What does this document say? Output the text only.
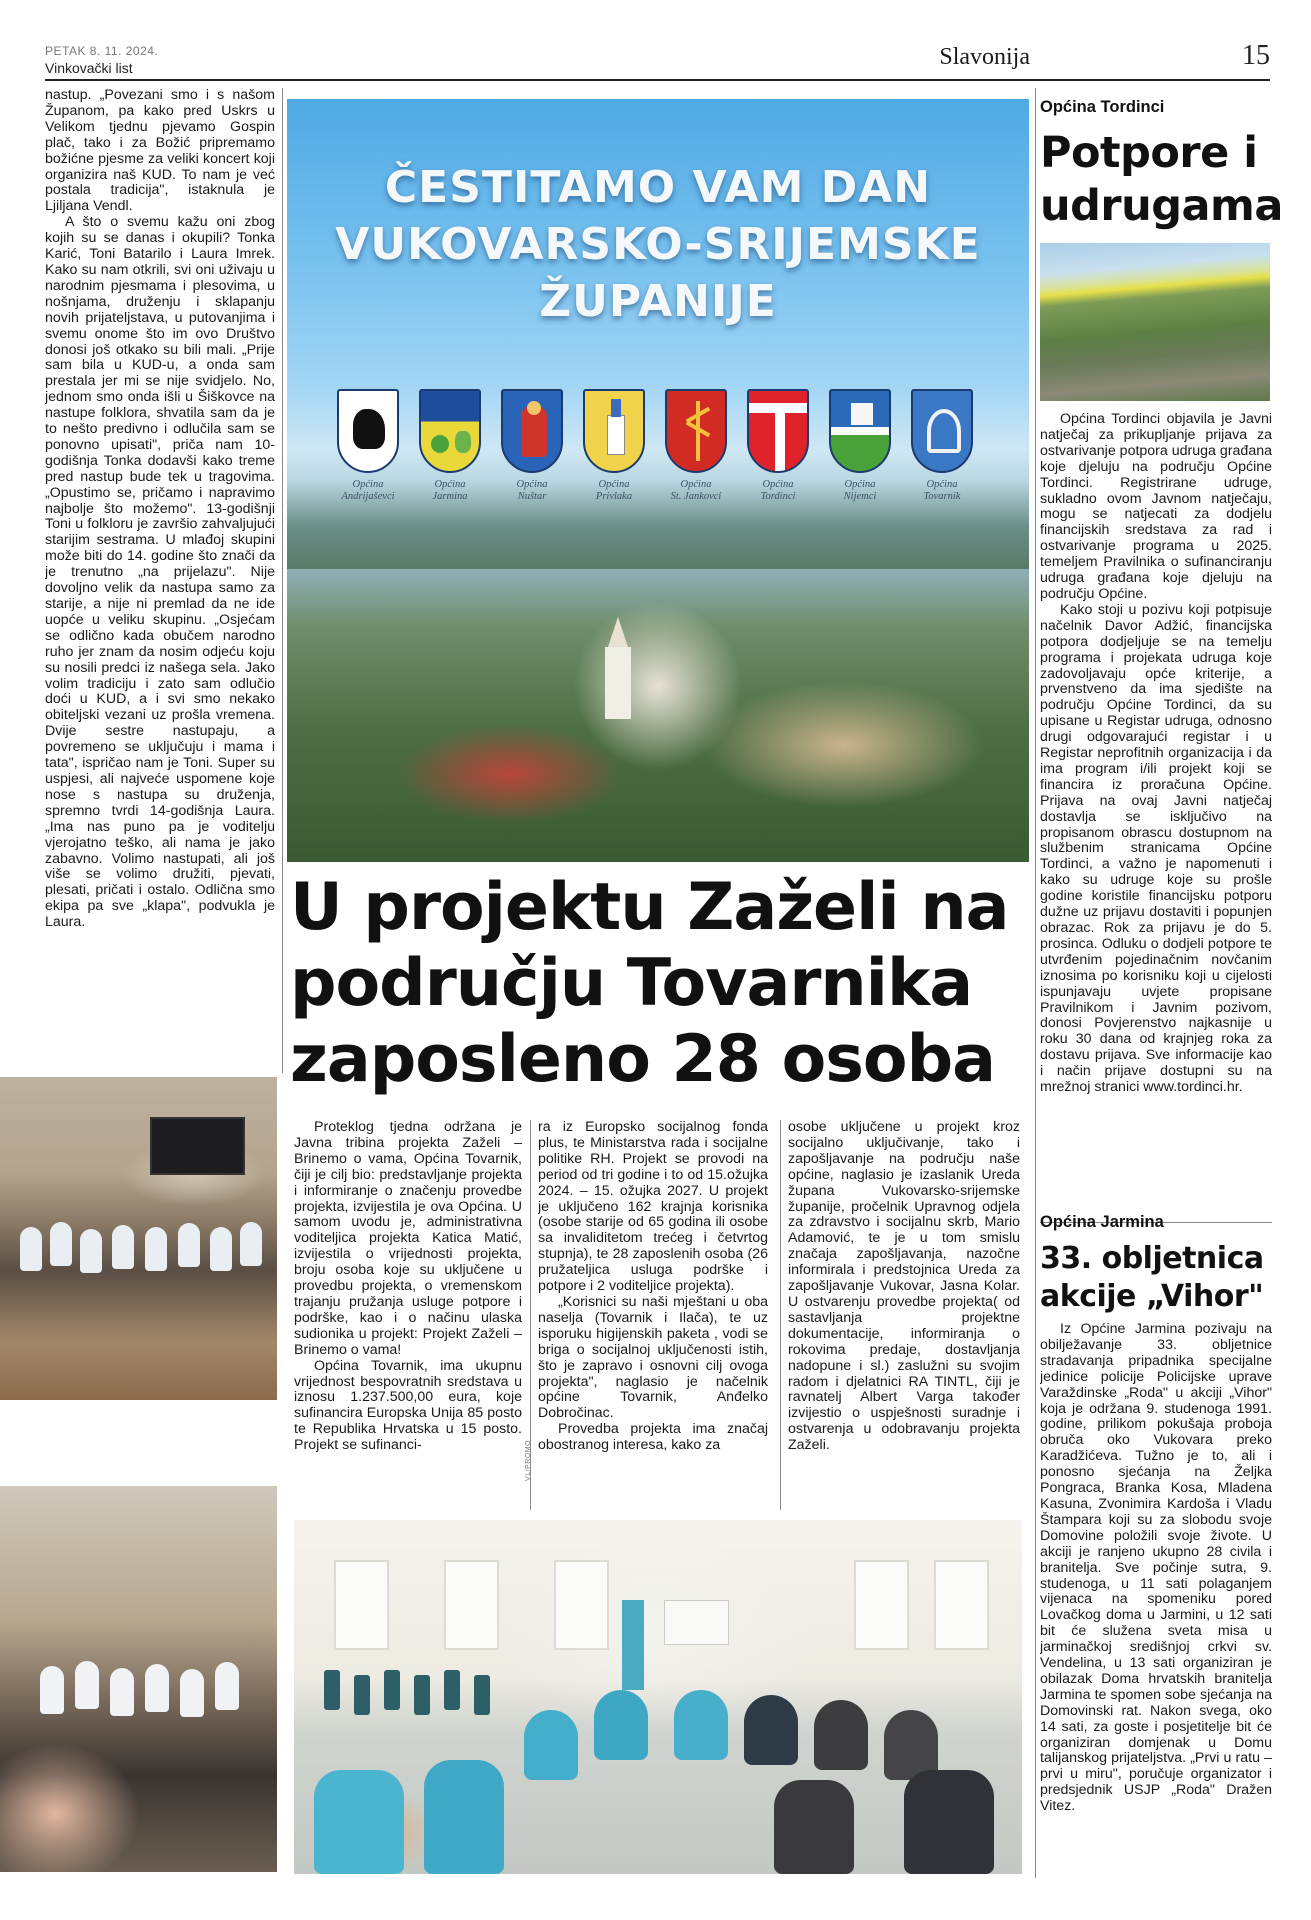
PETAK 8. 11. 2024.
Vinkovački list	Slavonija	15

nastup. „Povezani smo i s našom Županom, pa kako pred Uskrs u Velikom tjednu pjevamo Gospin plač, tako i za Božić pripremamo božićne pjesme za veliki koncert koji organizira naš KUD. To nam je već postala tradicija", istaknula je Ljiljana Vendl.

A što o svemu kažu oni zbog kojih su se danas i okupili? Tonka Karić, Toni Batarilo i Laura Imrek. Kako su nam otkrili, svi oni uživaju u narodnim pjesmama i plesovima, u nošnjama, druženju i sklapanju novih prijateljstava, u putovanjima i svemu onome što im ovo Društvo donosi još otkako su bili mali. „Prije sam bila u KUD-u, a onda sam prestala jer mi se nije svidjelo. No, jednom smo onda išli u Šiškovce na nastupe folklora, shvatila sam da je to nešto predivno i odlučila sam se ponovno upisati", priča nam 10-godišnja Tonka dodavši kako treme pred nastup bude tek u tragovima. „Opustimo se, pričamo i napravimo najbolje što možemo". 13-godišnji Toni u folkloru je završio zahvaljujući starijim sestrama. U mlađoj skupini može biti do 14. godine što znači da je trenutno „na prijelazu". Nije dovoljno velik da nastupa samo za starije, a nije ni premlad da ne ide uopće u veliku skupinu. „Osjećam se odlično kada obučem narodno ruho jer znam da nosim odjeću koju su nosili predci iz našega sela. Jako volim tradiciju i zato sam odlučio doći u KUD, a i svi smo nekako obiteljski vezani uz prošla vremena. Dvije sestre nastupaju, a povremeno se uključuju i mama i tata", ispričao nam je Toni. Super su uspjesi, ali najveće uspomene koje nose s nastupa su druženja, spremno tvrdi 14-godišnja Laura. „Ima nas puno pa je voditelju vjerojatno teško, ali nama je jako zabavno. Volimo nastupati, ali još više se volimo družiti, pjevati, plesati, pričati i ostalo. Odlična smo ekipa pa sve „klapa", podvukla je Laura.

ČESTITAMO VAM DAN
VUKOVARSKO-SRIJEMSKE
ŽUPANIJE
Općina
Andrijaševci
Općina
Jarmina
Općina
Nuštar
Općina
Privlaka
Općina
St. Jankovci
Općina
Tordinci
Općina
Nijemci
Općina
Tovarnik
U projektu Zaželi na području Tovarnika zaposleno 28 osoba

Proteklog tjedna održana je Javna tribina projekta Zaželi – Brinemo o vama, Općina Tovarnik, čiji je cilj bio: predstavljanje projekta i informiranje o značenju provedbe projekta, izvijestila je ova Općina. U samom uvodu je, administrativna voditeljica projekta Katica Matić, izvijestila o vrijednosti projekta, broju osoba koje su uključene u provedbu projekta, o vremenskom trajanju pružanja usluge potpore i podrške, kao i o načinu ulaska sudionika u projekt: Projekt Zaželi – Brinemo o vama!

Općina Tovarnik, ima ukupnu vrijednost bespovratnih sredstava u iznosu 1.237.500,00 eura, koje sufinancira Europska Unija 85 posto te Republika Hrvatska u 15 posto. Projekt se sufinanci-

ra iz Europsko socijalnog fonda plus, te Ministarstva rada i socijalne politike RH. Projekt se provodi na period od tri godine i to od 15.ožujka 2024. – 15. ožujka 2027. U projekt je uključeno 162 krajnja korisnika (osobe starije od 65 godina ili osobe sa invaliditetom trećeg i četvrtog stupnja), te 28 zaposlenih osoba (26 pružateljica usluga podrške i potpore i 2 voditeljice projekta).

„Korisnici su naši mještani u oba naselja (Tovarnik i Ilača), te uz isporuku higijenskih paketa , vodi se briga o socijalnoj uključenosti istih, što je zapravo i osnovni cilj ovoga projekta", naglasio je načelnik općine Tovarnik, Anđelko Dobročinac.

Provedba projekta ima značaj obostranog interesa, kako za

osobe uključene u projekt kroz socijalno uključivanje, tako i zapošljavanje na području naše općine, naglasio je izaslanik Ureda župana Vukovarsko-srijemske županije, pročelnik Upravnog odjela za zdravstvo i socijalnu skrb, Mario Adamović, te je u tom smislu značaja zapošljavanja, nazočne informirala i predstojnica Ureda za zapošljavanje Vukovar, Jasna Kolar. U ostvarenju provedbe projekta( od sastavljanja projektne dokumentacije, informiranja o rokovima predaje, dostavljanja nadopune i sl.) zaslužni su svojim radom i djelatnici RA TINTL, čiji je ravnatelj Albert Varga također izvijestio o uspješnosti suradnje i ostvarenja u odobravanju projekta Zaželi.

VL/PROMO
Općina Tordinci
Potpore i udrugama

Općina Tordinci objavila je Javni natječaj za prikupljanje prijava za ostvarivanje potpora udruga građana koje djeluju na području Općine Tordinci. Registrirane udruge, sukladno ovom Javnom natječaju, mogu se natjecati za dodjelu financijskih sredstava za rad i ostvarivanje programa u 2025. temeljem Pravilnika o sufinanciranju udruga građana koje djeluju na području Općine.

Kako stoji u pozivu koji potpisuje načelnik Davor Adžić, financijska potpora dodjeljuje se na temelju programa i projekata udruga koje zadovoljavaju opće kriterije, a prvenstveno da ima sjedište na području Općine Tordinci, da su upisane u Registar udruga, odnosno drugi odgovarajući registar i u Registar neprofitnih organizacija i da ima program i/ili projekt koji se financira iz proračuna Općine. Prijava na ovaj Javni natječaj dostavlja se isključivo na propisanom obrascu dostupnom na službenim stranicama Općine Tordinci, a važno je napomenuti i kako su udruge koje su prošle godine koristile financijsku potporu dužne uz prijavu dostaviti i popunjen obrazac. Rok za prijavu je do 5. prosinca. Odluku o dodjeli potpore te utvrđenim pojedinačnim novčanim iznosima po korisniku koji u cijelosti ispunjavaju uvjete propisane Pravilnikom i Javnim pozivom, donosi Povjerenstvo najkasnije u roku 30 dana od krajnjeg roka za dostavu prijava. Sve informacije kao i način prijave dostupni su na mrežnoj stranici www.tordinci.hr.

Općina Jarmina
33. obljetnica akcije „Vihor"

Iz Općine Jarmina pozivaju na obilježavanje 33. obljetnice stradavanja pripadnika specijalne jedinice policije Policijske uprave Varaždinske „Roda" u akciji „Vihor" koja je održana 9. studenoga 1991. godine, prilikom pokušaja proboja obruča oko Vukovara preko Karadžićeva. Tužno je to, ali i ponosno sjećanja na Željka Pongraca, Branka Kosa, Mladena Kasuna, Zvonimira Kardoša i Vladu Štampara koji su za slobodu svoje Domovine položili svoje živote. U akciji je ranjeno ukupno 28 civila i branitelja. Sve počinje sutra, 9. studenoga, u 11 sati polaganjem vijenaca na spomeniku pored Lovačkog doma u Jarmini, u 12 sati bit će služena sveta misa u jarminačkoj središnjoj crkvi sv. Vendelina, u 13 sati organiziran je obilazak Doma hrvatskih branitelja Jarmina te spomen sobe sjećanja na Domovinski rat. Nakon svega, oko 14 sati, za goste i posjetitelje bit će organiziran domjenak u Domu talijanskog prijateljstva. „Prvi u ratu – prvi u miru", poručuje organizator i predsjednik USJP „Roda" Dražen Vitez.
